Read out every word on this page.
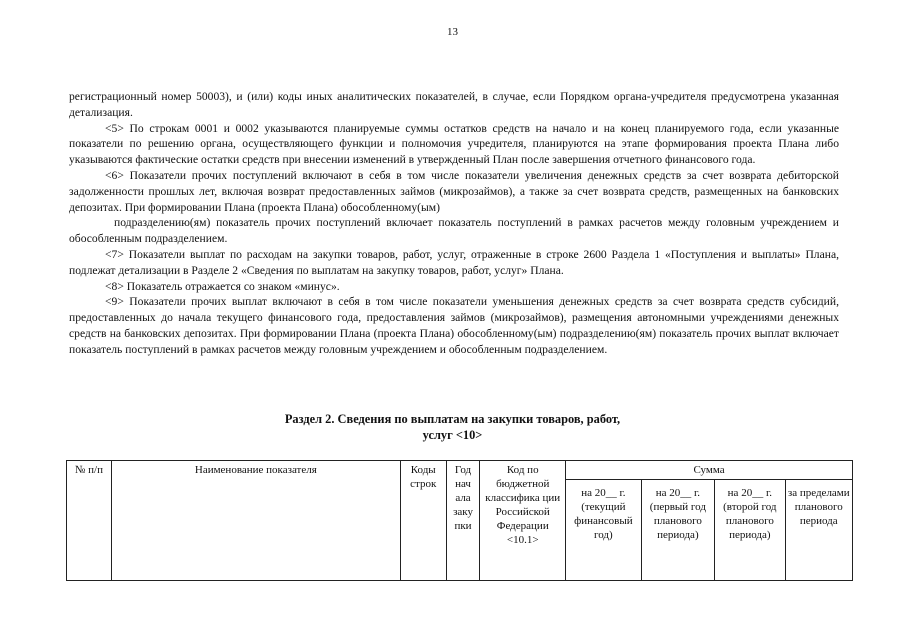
13

регистрационный номер 50003), и (или) коды иных аналитических показателей, в случае, если Порядком органа-учредителя предусмотрена указанная детализация.

<5> По строкам 0001 и 0002 указываются планируемые суммы остатков средств на начало и на конец планируемого года, если указанные показатели по решению органа, осуществляющего функции и полномочия учредителя, планируются на этапе формирования проекта Плана либо указываются фактические остатки средств при внесении изменений в утвержденный План после завершения отчетного финансового года.

<6> Показатели прочих поступлений включают в себя в том числе показатели увеличения денежных средств за счет возврата дебиторской задолженности прошлых лет, включая возврат предоставленных займов (микрозаймов), а также за счет возврата средств, размещенных на банковских депозитах. При формировании Плана (проекта Плана) обособленному(ым)

подразделению(ям) показатель прочих поступлений включает показатель поступлений в рамках расчетов между головным учреждением и обособленным подразделением.

<7> Показатели выплат по расходам на закупки товаров, работ, услуг, отраженные в строке 2600 Раздела 1 «Поступления и выплаты» Плана, подлежат детализации в Разделе 2 «Сведения по выплатам на закупку товаров, работ, услуг» Плана.

<8> Показатель отражается со знаком «минус».

<9> Показатели прочих выплат включают в себя в том числе показатели уменьшения денежных средств за счет возврата средств субсидий, предоставленных до начала текущего финансового года, предоставления займов (микрозаймов), размещения автономными учреждениями денежных средств на банковских депозитах. При формировании Плана (проекта Плана) обособленному(ым) подразделению(ям) показатель прочих выплат включает показатель поступлений в рамках расчетов между головным учреждением и обособленным подразделением.

Раздел 2. Сведения по выплатам на закупки товаров, работ,
услуг <10>
№ п/п	Наименование показателя	Коды строк	Год нач ала заку пки	Код по бюджетной классифика ции Российской Федерации <10.1>	Сумма			
					на 20__ г. (текущий финансовый год)	на 20__ г. (первый год планового периода)	на 20__ г. (второй год планового периода)	за пределами планового периода
